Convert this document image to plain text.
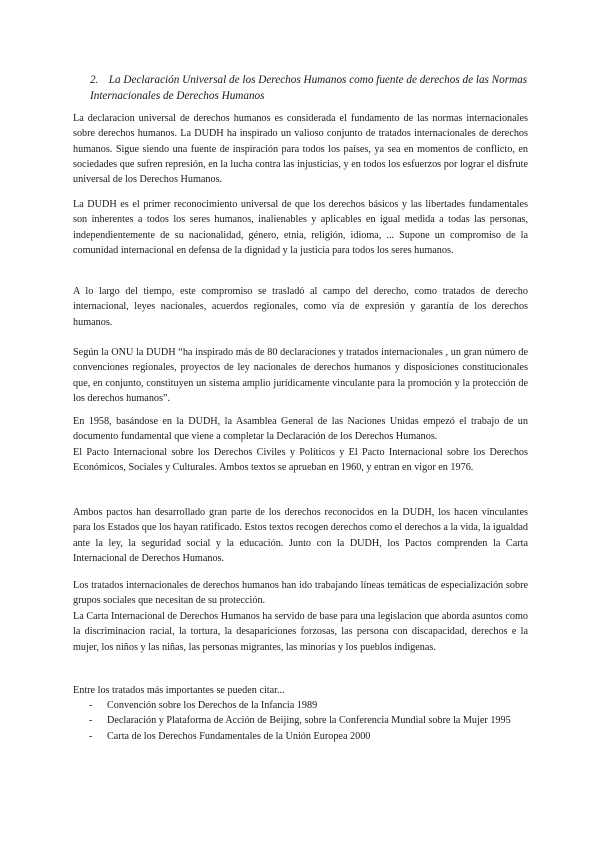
2. La Declaración Universal de los Derechos Humanos como fuente de derechos de las Normas Internacionales de Derechos Humanos

La declaracion universal de derechos humanos es considerada el fundamento de las normas internacionales sobre derechos humanos. La DUDH ha inspirado un valioso conjunto de tratados internacionales de derechos humanos. Sigue siendo una fuente de inspiración para todos los países, ya sea en momentos de conflicto, en sociedades que sufren represión, en la lucha contra las injusticias, y en todos los esfuerzos por lograr el disfrute universal de los Derechos Humanos.

La DUDH es el primer reconocimiento universal de que los derechos básicos y las libertades fundamentales son inherentes a todos los seres humanos, inalienables y aplicables en igual medida a todas las personas, independientemente de su nacionalidad, género, etnia, religión, idioma, ... Supone un compromiso de la comunidad internacional en defensa de la dignidad y la justicia para todos los seres humanos.

A lo largo del tiempo, este compromiso se trasladó al campo del derecho, como tratados de derecho internacional, leyes nacionales, acuerdos regionales, como vía de expresión y garantía de los derechos humanos.

Según la ONU la DUDH “ha inspirado más de 80 declaraciones y tratados internacionales , un gran número de convenciones regionales, proyectos de ley nacionales de derechos humanos y disposiciones constitucionales que, en conjunto, constituyen un sistema amplio jurídicamente vinculante para la promoción y la protección de los derechos humanos”.

En 1958, basándose en la DUDH, la Asamblea General de las Naciones Unidas empezó el trabajo de un documento fundamental que viene a completar la Declaración de los Derechos Humanos.

El Pacto Internacional sobre los Derechos Civiles y Políticos y El Pacto Internacional sobre los Derechos Económicos, Sociales y Culturales. Ambos textos se aprueban en 1960, y entran en vigor en 1976.

Ambos pactos han desarrollado gran parte de los derechos reconocidos en la DUDH, los hacen vinculantes para los Estados que los hayan ratificado. Estos textos recogen derechos como el derechos a la vida, la igualdad ante la ley, la seguridad social y la educación. Junto con la DUDH, los Pactos comprenden la Carta Internacional de Derechos Humanos.

Los tratados internacionales de derechos humanos han ido trabajando líneas temáticas de especialización sobre grupos sociales que necesitan de su protección.

La Carta Internacional de Derechos Humanos ha servido de base para una legislacion que aborda asuntos como la discriminacion racial, la tortura, la desapariciones forzosas, las persona con discapacidad, derechos e la mujer, los niños y las niñas, las personas migrantes, las minorias y los pueblos indigenas.

Entre los tratados más importantes se pueden citar...

- Convención sobre los Derechos de la Infancia 1989
- Declaración y Plataforma de Acción de Beijing, sobre la Conferencia Mundial sobre la Mujer 1995
- Carta de los Derechos Fundamentales de la Unión Europea 2000
